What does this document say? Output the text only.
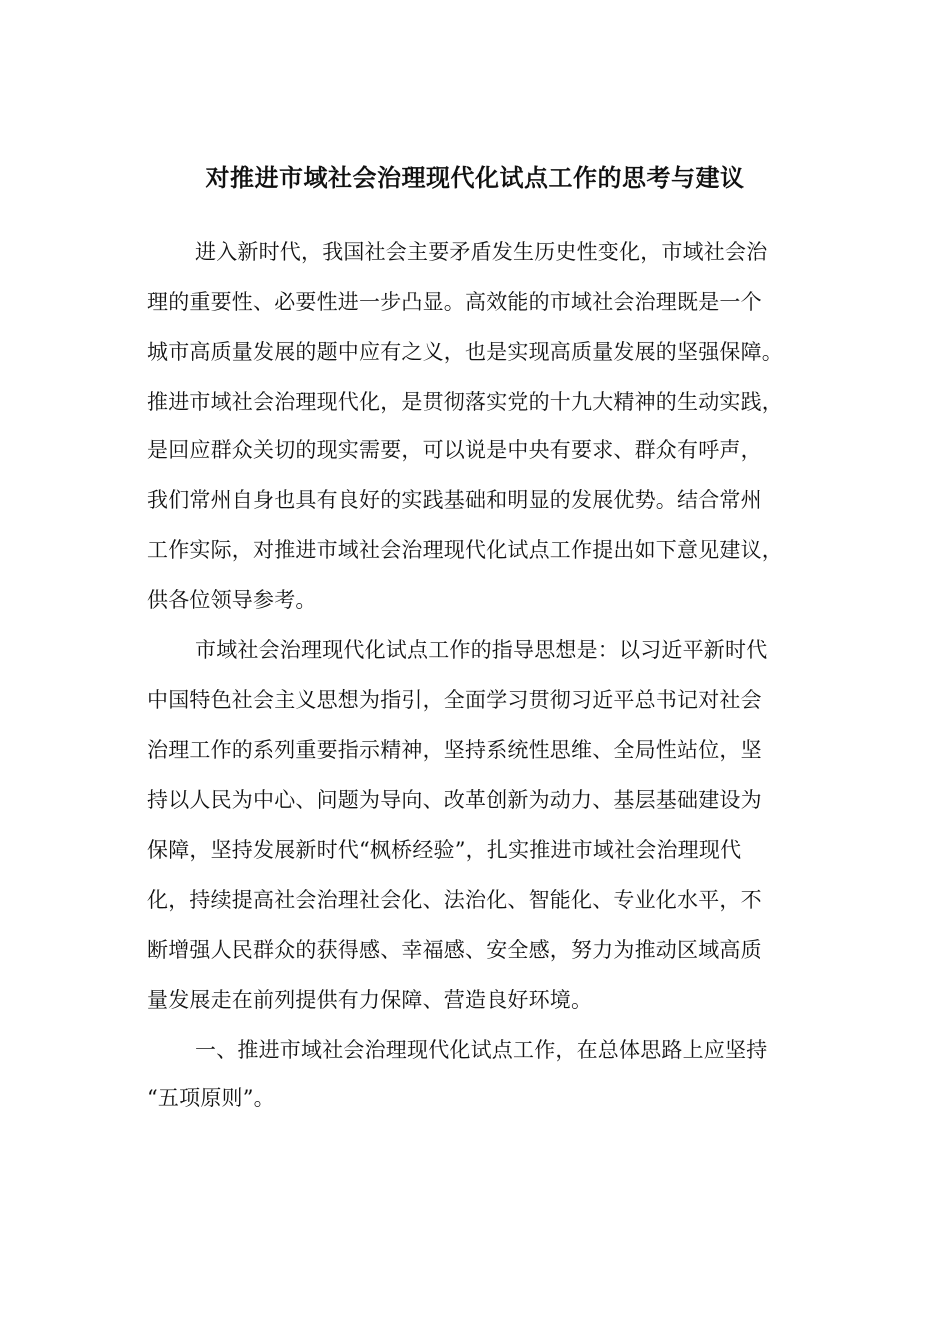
对推进市域社会治理现代化试点工作的思考与建议
进入新时代，我国社会主要矛盾发生历史性变化，市域社会治
理的重要性、必要性进一步凸显。高效能的市域社会治理既是一个
城市高质量发展的题中应有之义，也是实现高质量发展的坚强保障。
推进市域社会治理现代化，是贯彻落实党的十九大精神的生动实践，
是回应群众关切的现实需要，可以说是中央有要求、群众有呼声，
我们常州自身也具有良好的实践基础和明显的发展优势。结合常州
工作实际，对推进市域社会治理现代化试点工作提出如下意见建议，
供各位领导参考。
市域社会治理现代化试点工作的指导思想是：以习近平新时代
中国特色社会主义思想为指引，全面学习贯彻习近平总书记对社会
治理工作的系列重要指示精神，坚持系统性思维、全局性站位，坚
持以人民为中心、问题为导向、改革创新为动力、基层基础建设为
保障，坚持发展新时代“枫桥经验”，扎实推进市域社会治理现代
化，持续提高社会治理社会化、法治化、智能化、专业化水平，不
断增强人民群众的获得感、幸福感、安全感，努力为推动区域高质
量发展走在前列提供有力保障、营造良好环境。
一、推进市域社会治理现代化试点工作，在总体思路上应坚持
“五项原则”。
